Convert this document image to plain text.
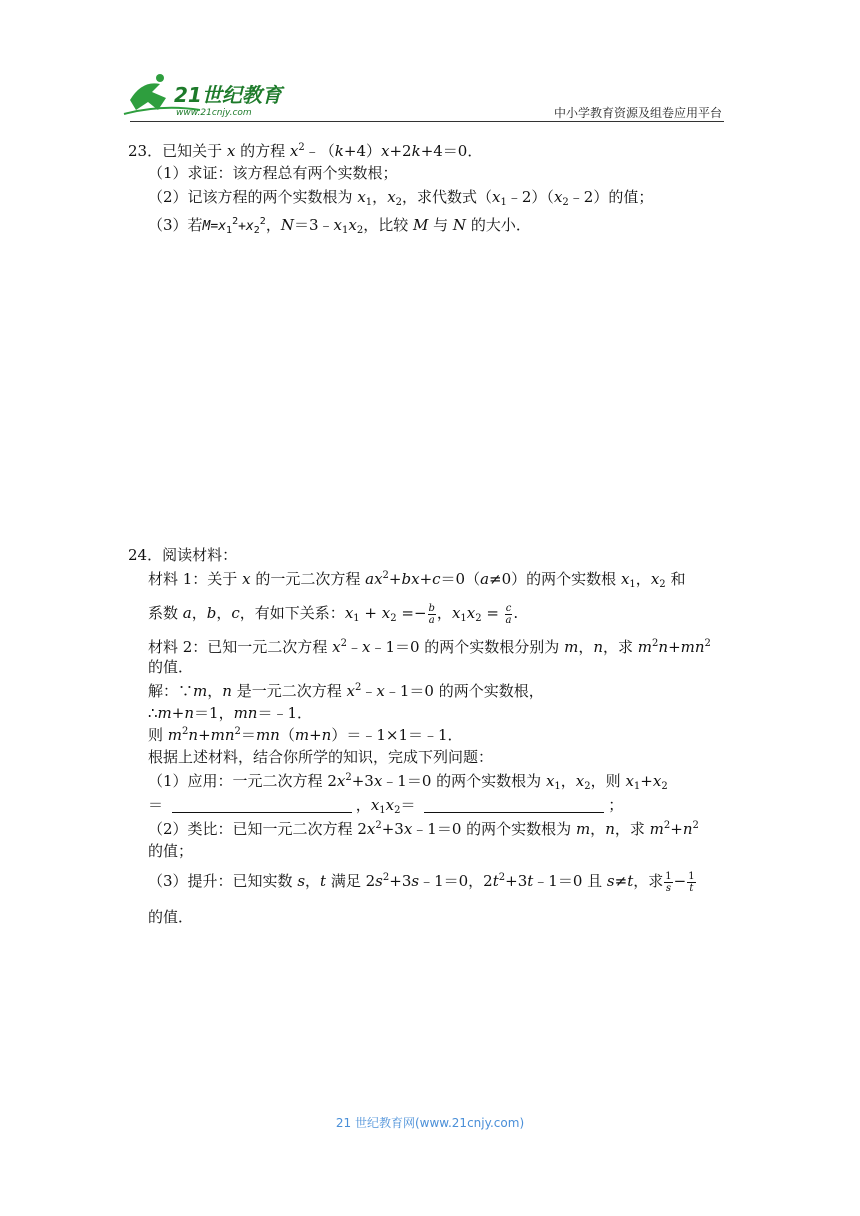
21世纪教育
www.21cnjy.com	中小学教育资源及组卷应用平台
23．已知关于 x 的方程 $x^2﹣(k+4)x+2k+4=0$．
（1）求证：该方程总有两个实数根；
（2）记该方程的两个实数根为 $x_1$，$x_2$，求代数式$(x_1﹣2)(x_2﹣2)$的值；
（3）若$M=x_1^2+x_2^2$，$N=3﹣x_1x_2$，比较 M 与 N 的大小．
24．阅读材料：
材料 1：关于 x 的一元二次方程 $ax^2+bx+c=0(a\ne 0)$的两个实数根 $x_1$，$x_2$ 和
系数 a，b，c，有如下关系：$x_1 + x_2 =- \frac{b}{a}$ ，$x_1x_2 = \frac{c}{a}$ .
材料 2：已知一元二次方程 $x^2﹣x﹣1=0$ 的两个实数根分别为 m，n，求 $m^2n+mn^2$
的值．
解：∵m，n 是一元二次方程 $x^2﹣x﹣1=0$ 的两个实数根，
∴m+n＝1，mn＝﹣1．
则 $m^2n+mn^2=mn(m+n)=﹣1\times 1=﹣1$．
根据上述材料，结合你所学的知识，完成下列问题：
（1）应用：一元二次方程 $2x^2+3x﹣1=0$ 的两个实数根为 $x_1$，$x_2$，则 $x_1+x_2$
＝	，$x_1x_2=$	；
（2）类比：已知一元二次方程 $2x^2+3x﹣1=0$ 的两个实数根为 m，n，求 $m^2+n^2$
的值；
（3）提升：已知实数 s，t 满足 $2s^2+3s﹣1=0$，$2t^2+3t﹣1=0$ 且 s≠t，求 $\frac{1}{s} - \frac{1}{t}$
的值．
21 世纪教育网(www.21cnjy.com)
